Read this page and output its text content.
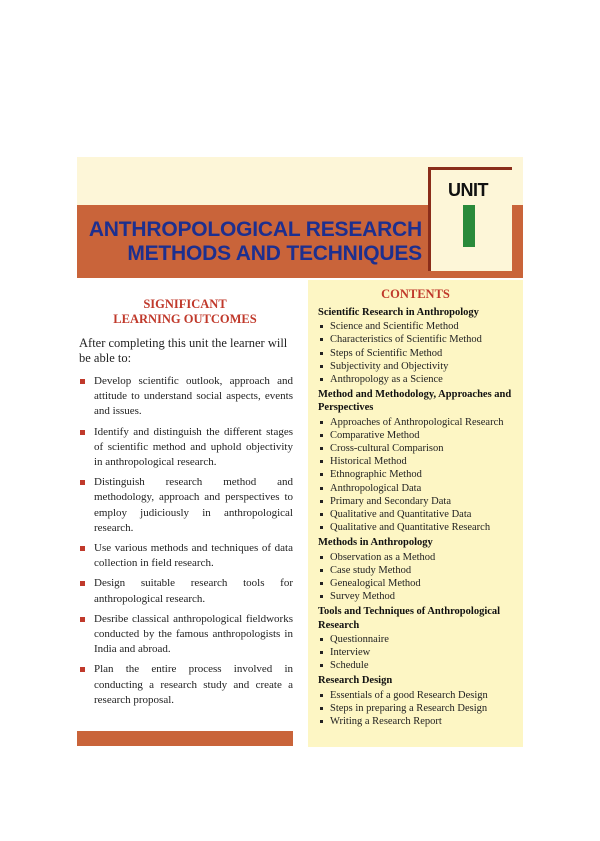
ANTHROPOLOGICAL RESEARCH
METHODS AND TECHNIQUES
UNIT
SIGNIFICANT
LEARNING OUTCOMES
After completing this unit the learner will be able to:
Develop scientific outlook, approach and attitude to understand social aspects, events and issues.
Identify and distinguish the different stages of scientific method and uphold objectivity in anthropological research.
Distinguish research method and methodology, approach and perspectives to employ judiciously in anthropological research.
Use various methods and techniques of data collection in field research.
Design suitable research tools for anthropological research.
Desribe classical anthropological fieldworks conducted by the famous anthropologists in India and abroad.
Plan the entire process involved in conducting a research study and create a research proposal.
CONTENTS
Scientific Research in Anthropology
Science and Scientific Method
Characteristics of Scientific Method
Steps of Scientific Method
Subjectivity and Objectivity
Anthropology as a Science
Method and Methodology, Approaches and Perspectives
Approaches of Anthropological Research
Comparative Method
Cross-cultural Comparison
Historical Method
Ethnographic Method
Anthropological Data
Primary and Secondary Data
Qualitative and Quantitative Data
Qualitative and Quantitative Research
Methods in Anthropology
Observation as a Method
Case study Method
Genealogical Method
Survey Method
Tools and Techniques of Anthropological Research
Questionnaire
Interview
Schedule
Research Design
Essentials of a good Research Design
Steps in preparing a Research Design
Writing a Research Report
